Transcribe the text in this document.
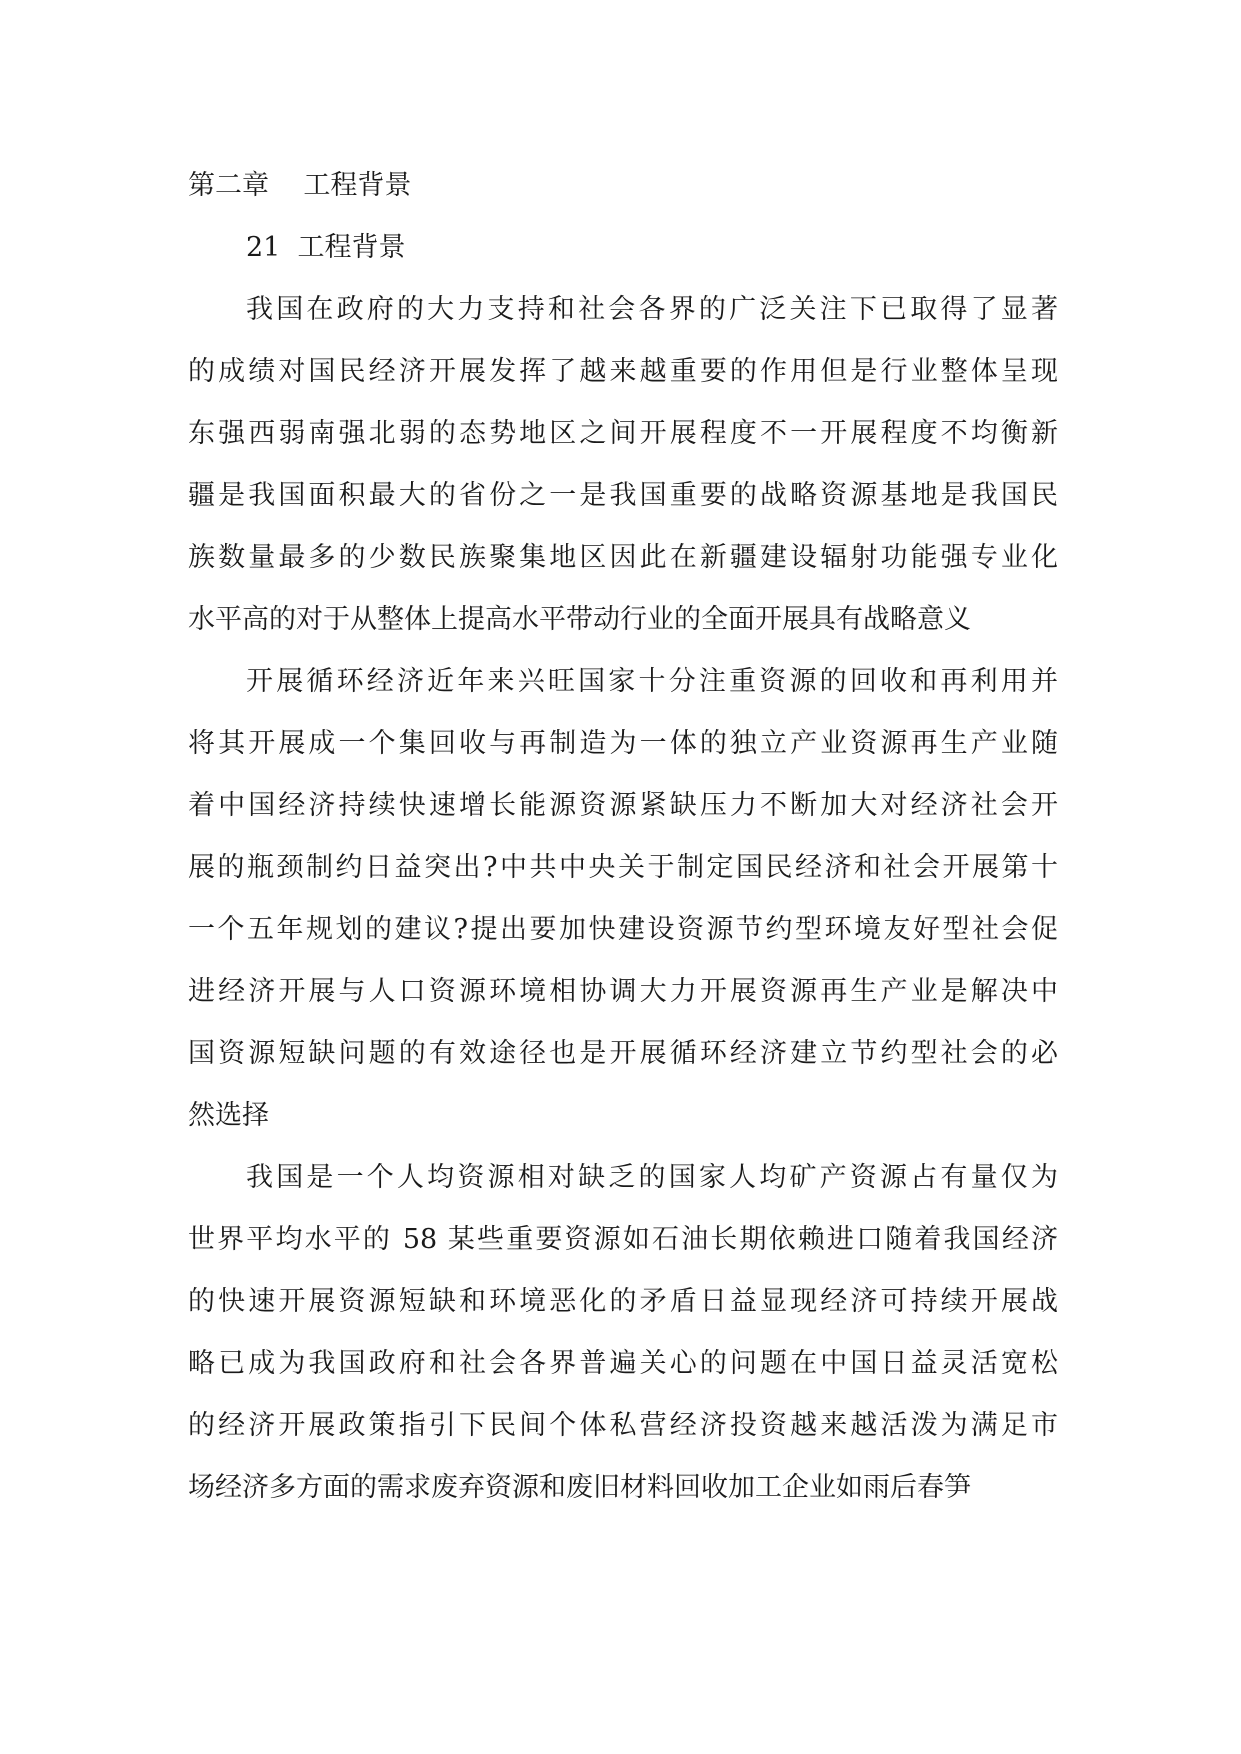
第二章    工程背景
21  工程背景
我国在政府的大力支持和社会各界的广泛关注下已取得了显著
的成绩对国民经济开展发挥了越来越重要的作用但是行业整体呈现
东强西弱南强北弱的态势地区之间开展程度不一开展程度不均衡新
疆是我国面积最大的省份之一是我国重要的战略资源基地是我国民
族数量最多的少数民族聚集地区因此在新疆建设辐射功能强专业化
水平高的对于从整体上提高水平带动行业的全面开展具有战略意义
开展循环经济近年来兴旺国家十分注重资源的回收和再利用并
将其开展成一个集回收与再制造为一体的独立产业资源再生产业随
着中国经济持续快速增长能源资源紧缺压力不断加大对经济社会开
展的瓶颈制约日益突出?中共中央关于制定国民经济和社会开展第十
一个五年规划的建议?提出要加快建设资源节约型环境友好型社会促
进经济开展与人口资源环境相协调大力开展资源再生产业是解决中
国资源短缺问题的有效途径也是开展循环经济建立节约型社会的必
然选择
我国是一个人均资源相对缺乏的国家人均矿产资源占有量仅为
世界平均水平的 58 某些重要资源如石油长期依赖进口随着我国经济
的快速开展资源短缺和环境恶化的矛盾日益显现经济可持续开展战
略已成为我国政府和社会各界普遍关心的问题在中国日益灵活宽松
的经济开展政策指引下民间个体私营经济投资越来越活泼为满足市
场经济多方面的需求废弃资源和废旧材料回收加工企业如雨后春笋
